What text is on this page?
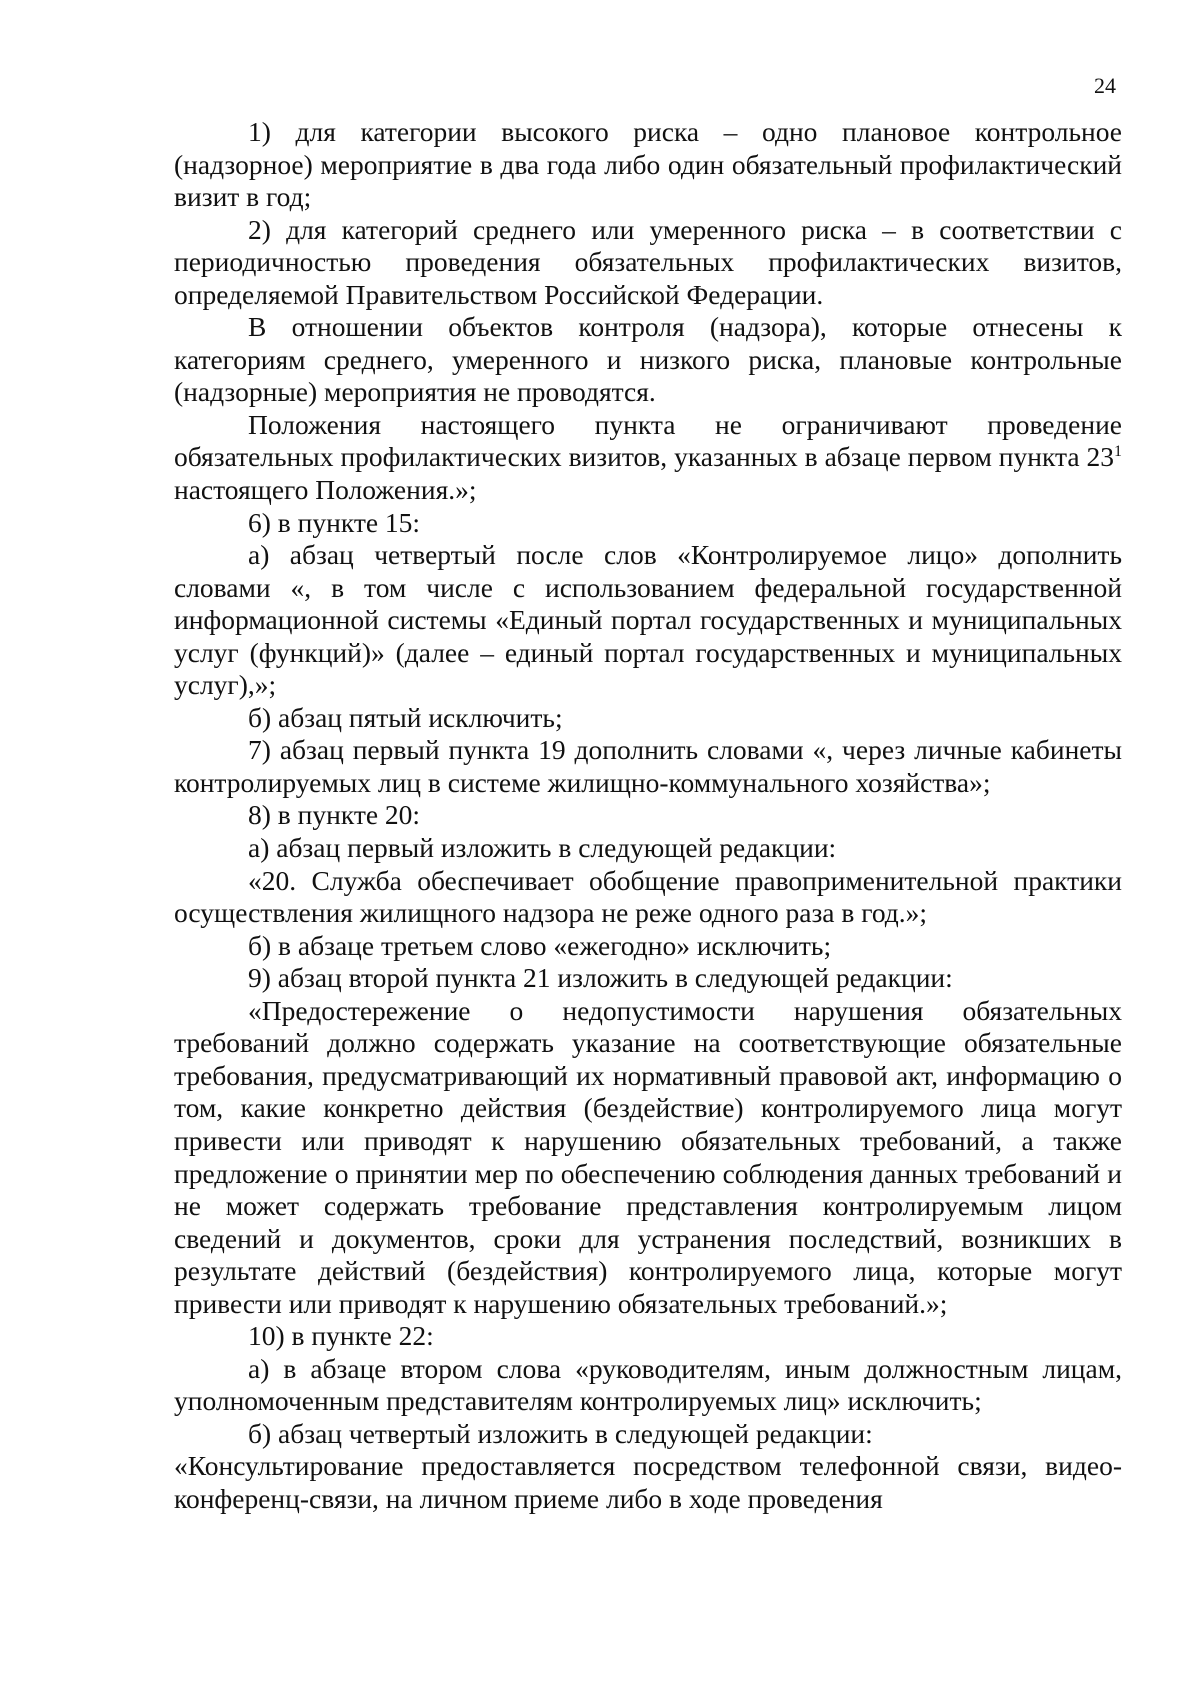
24

1) для категории высокого риска – одно плановое контрольное (надзорное) мероприятие в два года либо один обязательный профилактический визит в год;

2) для категорий среднего или умеренного риска – в соответствии с периодичностью проведения обязательных профилактических визитов, определяемой Правительством Российской Федерации.

В отношении объектов контроля (надзора), которые отнесены к категориям среднего, умеренного и низкого риска, плановые контрольные (надзорные) мероприятия не проводятся.

Положения настоящего пункта не ограничивают проведение обязательных профилактических визитов, указанных в абзаце первом пункта $23^1$ настоящего Положения.»;

6) в пункте 15:

а) абзац четвертый после слов «Контролируемое лицо» дополнить словами «, в том числе с использованием федеральной государственной информационной системы «Единый портал государственных и муниципальных услуг (функций)» (далее – единый портал государственных и муниципальных услуг),»;

б) абзац пятый исключить;

7) абзац первый пункта 19 дополнить словами «, через личные кабинеты контролируемых лиц в системе жилищно-коммунального хозяйства»;

8) в пункте 20:

а) абзац первый изложить в следующей редакции:

«20. Служба обеспечивает обобщение правоприменительной практики осуществления жилищного надзора не реже одного раза в год.»;

б) в абзаце третьем слово «ежегодно» исключить;

9) абзац второй пункта 21 изложить в следующей редакции:

«Предостережение о недопустимости нарушения обязательных требований должно содержать указание на соответствующие обязательные требования, предусматривающий их нормативный правовой акт, информацию о том, какие конкретно действия (бездействие) контролируемого лица могут привести или приводят к нарушению обязательных требований, а также предложение о принятии мер по обеспечению соблюдения данных требований и не может содержать требование представления контролируемым лицом сведений и документов, сроки для устранения последствий, возникших в результате действий (бездействия) контролируемого лица, которые могут привести или приводят к нарушению обязательных требований.»;

10) в пункте 22:

а) в абзаце втором слова «руководителям, иным должностным лицам, уполномоченным представителям контролируемых лиц» исключить;

б) абзац четвертый изложить в следующей редакции:

«Консультирование предоставляется посредством телефонной связи, видео-конференц-связи, на личном приеме либо в ходе проведения
